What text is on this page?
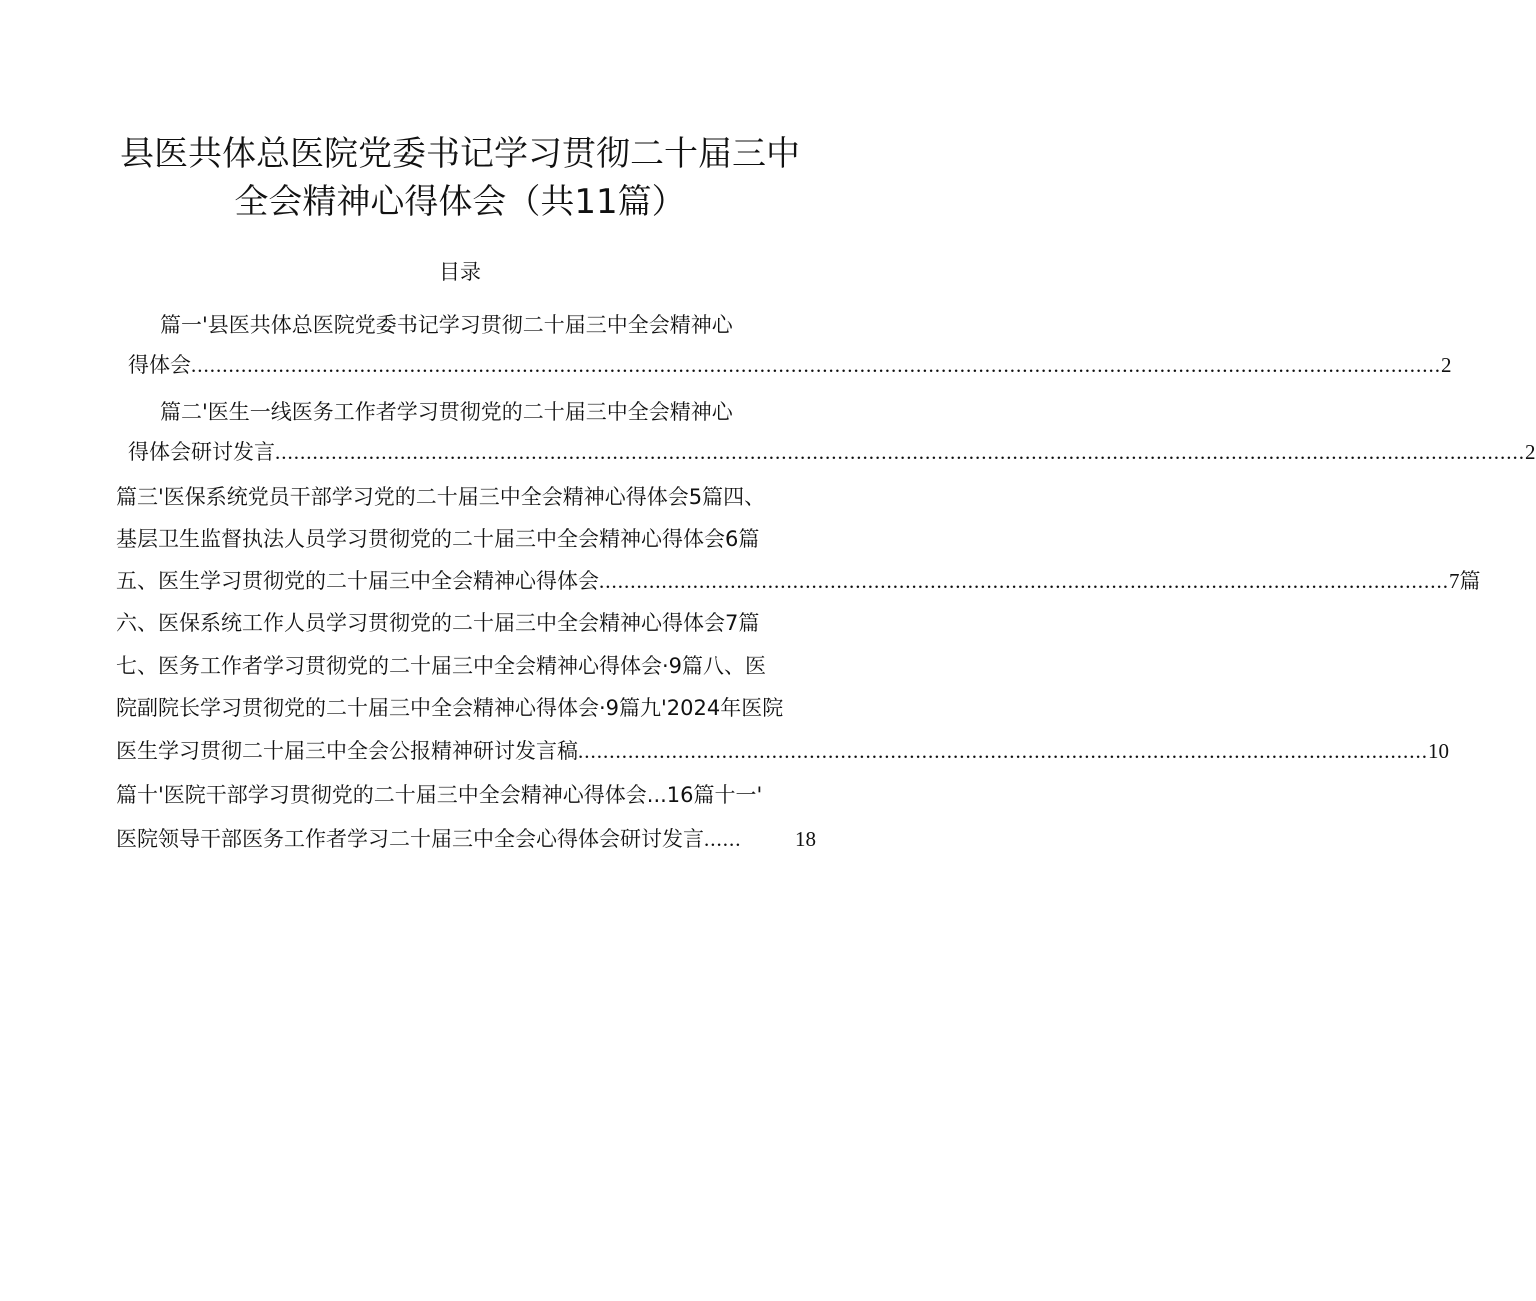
县医共体总医院党委书记学习贯彻二十届三中
全会精神心得体会（共11篇）
目录
篇一'县医共体总医院党委书记学习贯彻二十届三中全会精神心
得体会 ........................................................................................................................................................................................................ 2
篇二'医生一线医务工作者学习贯彻党的二十届三中全会精神心
得体会研讨发言 ........................................................................................................................................................................................................ 2
篇三'医保系统党员干部学习党的二十届三中全会精神心得体会5篇四、
基层卫生监督执法人员学习贯彻党的二十届三中全会精神心得体会6篇
五、医生学习贯彻党的二十届三中全会精神心得体会 ........................................................................................................................................ 7篇
六、医保系统工作人员学习贯彻党的二十届三中全会精神心得体会7篇
七、医务工作者学习贯彻党的二十届三中全会精神心得体会·9篇八、医
院副院长学习贯彻党的二十届三中全会精神心得体会·9篇九'2024年医院
医生学习贯彻二十届三中全会公报精神研讨发言稿 ........................................................................................................................................ 10
篇十'医院干部学习贯彻党的二十届三中全会精神心得体会...16篇十一'
医院领导干部医务工作者学习二十届三中全会心得体会研讨发言 ......	18
